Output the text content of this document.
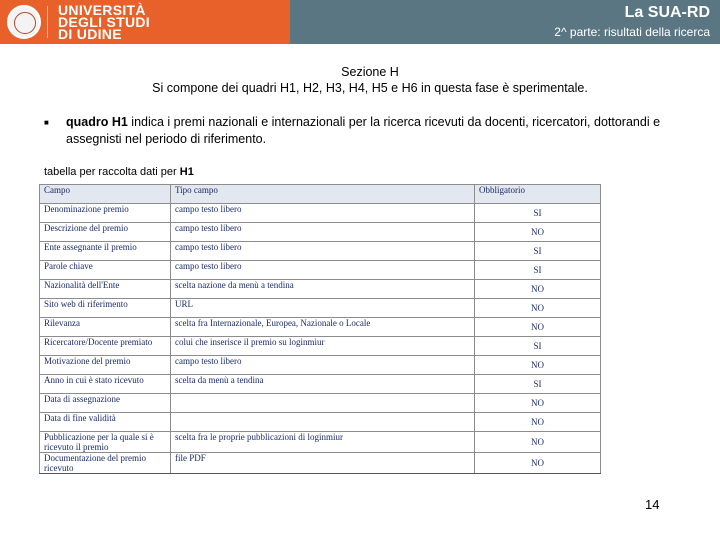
UNIVERSITÀ
DEGLI STUDI
DI UDINE
La SUA-RD
2^ parte: risultati della ricerca
Sezione H
Si compone dei quadri H1, H2, H3, H4, H5 e H6 in questa fase è sperimentale.
■ quadro H1 indica i premi nazionali e internazionali per la ricerca ricevuti da docenti, ricercatori, dottorandi e assegnisti nel periodo di riferimento.
tabella per raccolta dati per H1
Campo	Tipo campo	Obbligatorio
Denominazione premio	campo testo libero	SI
Descrizione del premio	campo testo libero	NO
Ente assegnante il premio	campo testo libero	SI
Parole chiave	campo testo libero	SI
Nazionalità dell'Ente	scelta nazione da menù a tendina	NO
Sito web di riferimento	URL	NO
Rilevanza	scelta fra Internazionale, Europea, Nazionale o Locale	NO
Ricercatore/Docente premiato	colui che inserisce il premio su loginmiur	SI
Motivazione del premio	campo testo libero	NO
Anno in cui è stato ricevuto	scelta da menù a tendina	SI
Data di assegnazione		NO
Data di fine validità		NO
Pubblicazione per la quale si è ricevuto il premio	scelta fra le proprie pubblicazioni di loginmiur	NO
Documentazione del premio ricevuto	file PDF	NO
14
